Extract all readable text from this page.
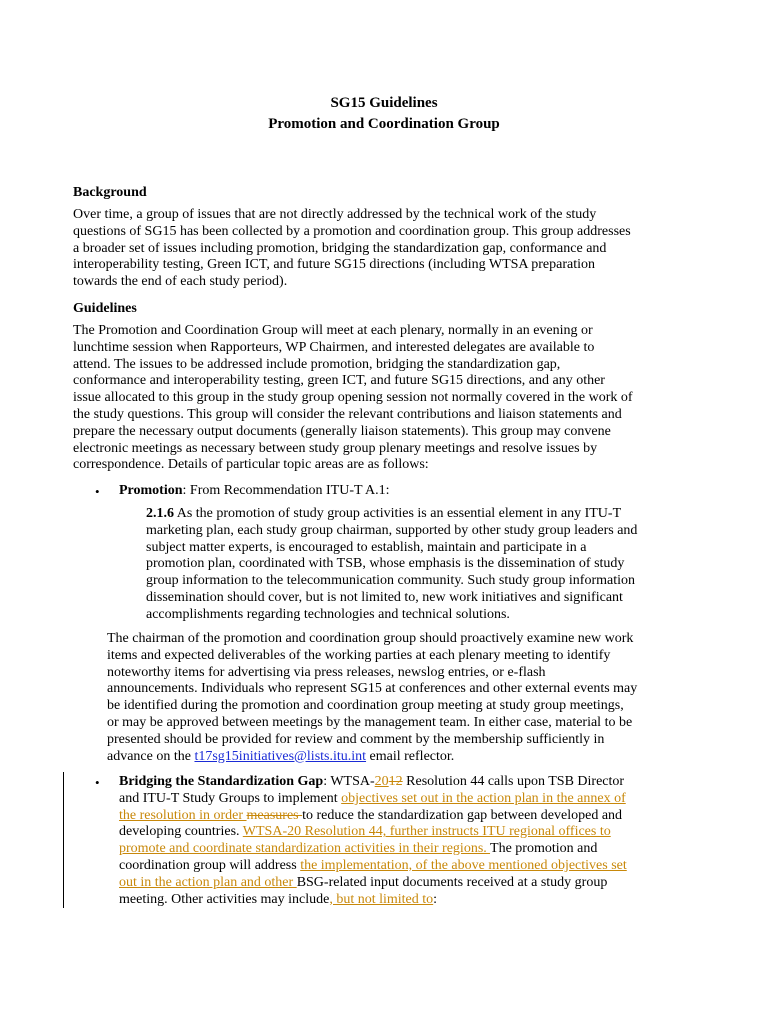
SG15 Guidelines
Promotion and Coordination Group
Background
Over time, a group of issues that are not directly addressed by the technical work of the study
questions of SG15 has been collected by a promotion and coordination group. This group addresses
a broader set of issues including promotion, bridging the standardization gap, conformance and
interoperability testing, Green ICT, and future SG15 directions (including WTSA preparation
towards the end of each study period).
Guidelines
The Promotion and Coordination Group will meet at each plenary, normally in an evening or
lunchtime session when Rapporteurs, WP Chairmen, and interested delegates are available to
attend. The issues to be addressed include promotion, bridging the standardization gap,
conformance and interoperability testing, green ICT, and future SG15 directions, and any other
issue allocated to this group in the study group opening session not normally covered in the work of
the study questions. This group will consider the relevant contributions and liaison statements and
prepare the necessary output documents (generally liaison statements). This group may convene
electronic meetings as necessary between study group plenary meetings and resolve issues by
correspondence. Details of particular topic areas are as follows:
• Promotion: From Recommendation ITU-T A.1:
2.1.6 As the promotion of study group activities is an essential element in any ITU-T
marketing plan, each study group chairman, supported by other study group leaders and
subject matter experts, is encouraged to establish, maintain and participate in a
promotion plan, coordinated with TSB, whose emphasis is the dissemination of study
group information to the telecommunication community. Such study group information
dissemination should cover, but is not limited to, new work initiatives and significant
accomplishments regarding technologies and technical solutions.
The chairman of the promotion and coordination group should proactively examine new work
items and expected deliverables of the working parties at each plenary meeting to identify
noteworthy items for advertising via press releases, newslog entries, or e-flash
announcements. Individuals who represent SG15 at conferences and other external events may
be identified during the promotion and coordination group meeting at study group meetings,
or may be approved between meetings by the management team. In either case, material to be
presented should be provided for review and comment by the membership sufficiently in
advance on the t17sg15initiatives@lists.itu.int email reflector.
• Bridging the Standardization Gap: WTSA-2012 Resolution 44 calls upon TSB Director
and ITU-T Study Groups to implement objectives set out in the action plan in the annex of
the resolution in order measures to reduce the standardization gap between developed and
developing countries. WTSA-20 Resolution 44, further instructs ITU regional offices to
promote and coordinate standardization activities in their regions. The promotion and
coordination group will address the implementation, of the above mentioned objectives set
out in the action plan and other BSG-related input documents received at a study group
meeting. Other activities may include, but not limited to:
